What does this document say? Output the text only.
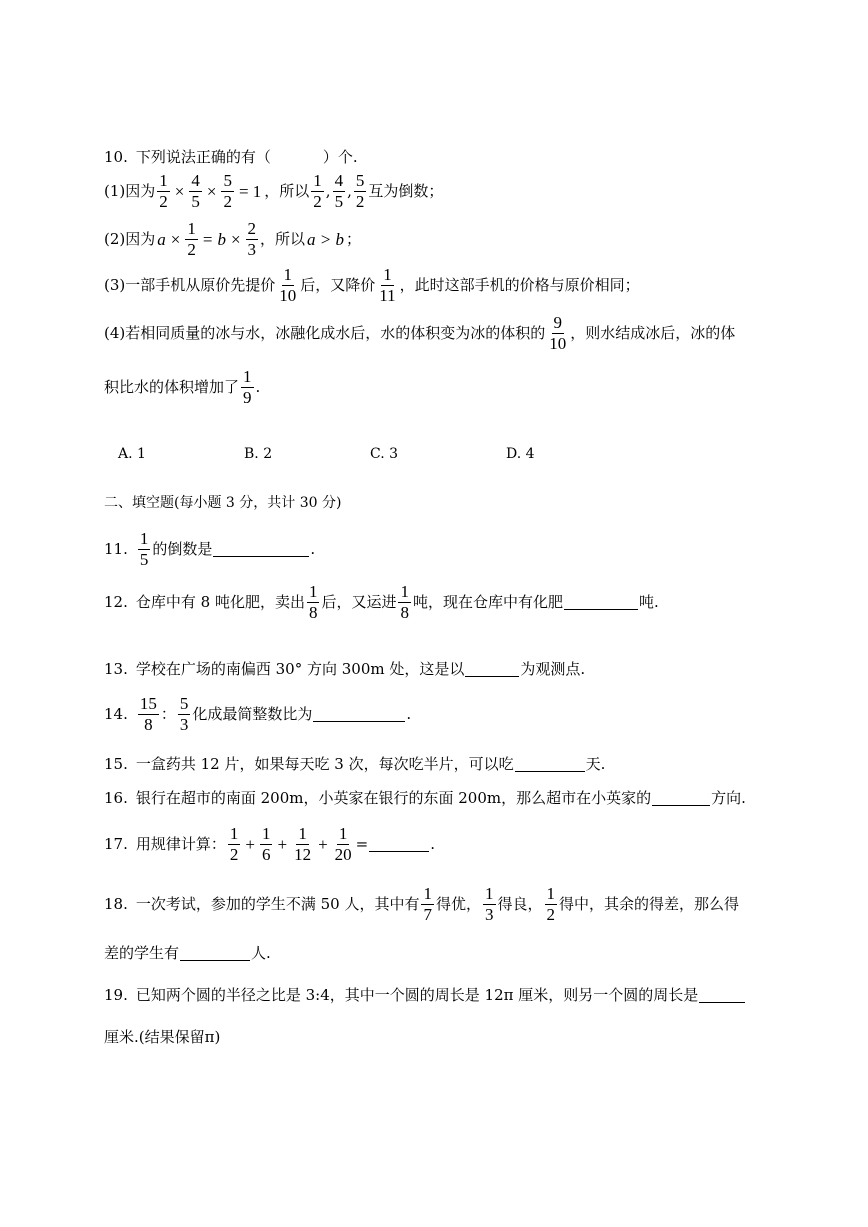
10. 下列说法正确的有（	）个.
(1)因为 $\frac{1}{2} \times \frac{4}{5} \times \frac{5}{2} = 1$ ，所以 $\frac{1}{2}$ , $\frac{4}{5}$ , $\frac{5}{2}$ 互为倒数；
(2)因为 $a \times \frac{1}{2} = b \times \frac{2}{3}$ ，所以 a > b ；
(3)一部手机从原价先提价 $\frac{1}{10}$ 后，又降价 $\frac{1}{11}$ ，此时这部手机的价格与原价相同；
(4)若相同质量的冰与水，冰融化成水后，水的体积变为冰的体积的 $\frac{9}{10}$ ，则水结成冰后，冰的体
积比水的体积增加了 $\frac{1}{9}$ .
A. 1	B. 2	C. 3	D. 4
二、填空题(每小题 3 分，共计 30 分)
11. $\frac{1}{5}$ 的倒数是	.
12. 仓库中有 8 吨化肥，卖出 $\frac{1}{8}$ 后，又运进 $\frac{1}{8}$ 吨，现在仓库中有化肥	吨.
13. 学校在广场的南偏西 30° 方向 300m 处，这是以	为观测点.
14. $\frac{15}{8}$ ： $\frac{5}{3}$ 化成最简整数比为	.
15. 一盒药共 12 片，如果每天吃 3 次，每次吃半片，可以吃	天.
16. 银行在超市的南面 200m，小英家在银行的东面 200m，那么超市在小英家的	方向.
17. 用规律计算： $\frac{1}{2} + \frac{1}{6} + \frac{1}{12} + \frac{1}{20}$ =	.
18. 一次考试，参加的学生不满 50 人，其中有 $\frac{1}{7}$ 得优， $\frac{1}{3}$ 得良， $\frac{1}{2}$ 得中，其余的得差，那么得
差的学生有	人.
19. 已知两个圆的半径之比是 3:4，其中一个圆的周长是 12π 厘米，则另一个圆的周长是
厘米.(结果保留π)
